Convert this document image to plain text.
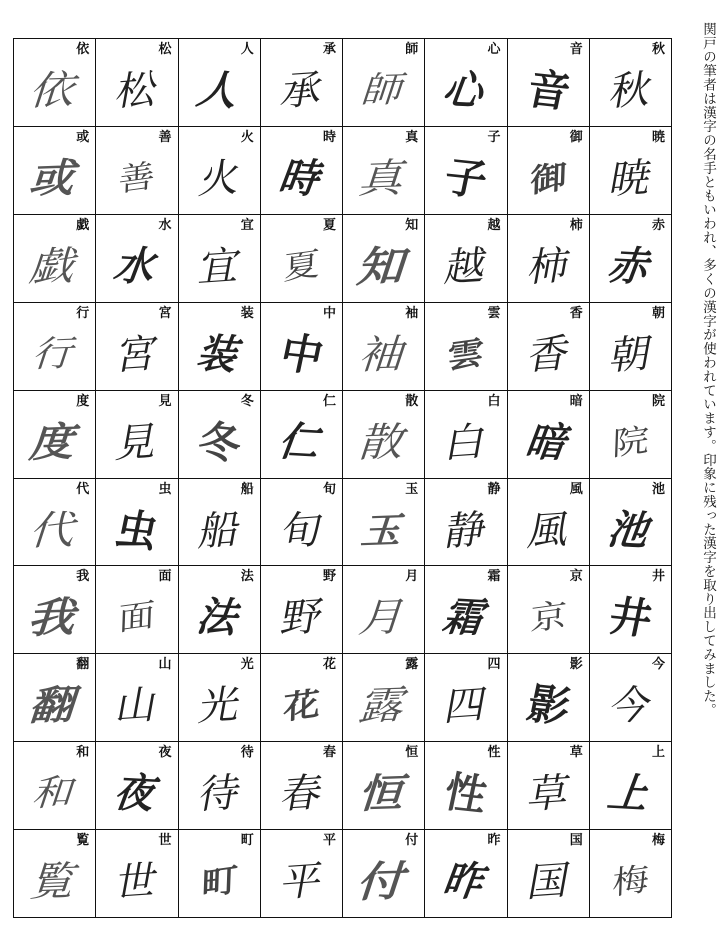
依
依
松
松
人
人
承
承
師
師
心
心
音
音
秋
秋
或
或
善
善
火
火
時
時
真
真
子
子
御
御
暁
暁
戯
戯
水
水
宜
宜
夏
夏
知
知
越
越
柿
柿
赤
赤
行
行
宮
宮
装
装
中
中
袖
袖
雲
雲
香
香
朝
朝
度
度
見
見
冬
冬
仁
仁
散
散
白
白
暗
暗
院
院
代
代
虫
虫
船
船
旬
旬
玉
玉
静
静
風
風
池
池
我
我
面
面
法
法
野
野
月
月
霜
霜
京
京
井
井
翻
翻
山
山
光
光
花
花
露
露
四
四
影
影
今
今
和
和
夜
夜
待
待
春
春
恒
恒
性
性
草
草
上
上
覧
覧
世
世
町
町
平
平
付
付
昨
昨
国
国
梅
梅
関戸の筆者は漢字の名手ともいわれ、多くの漢字が使われています。印象に残った漢字を取り出してみました。
